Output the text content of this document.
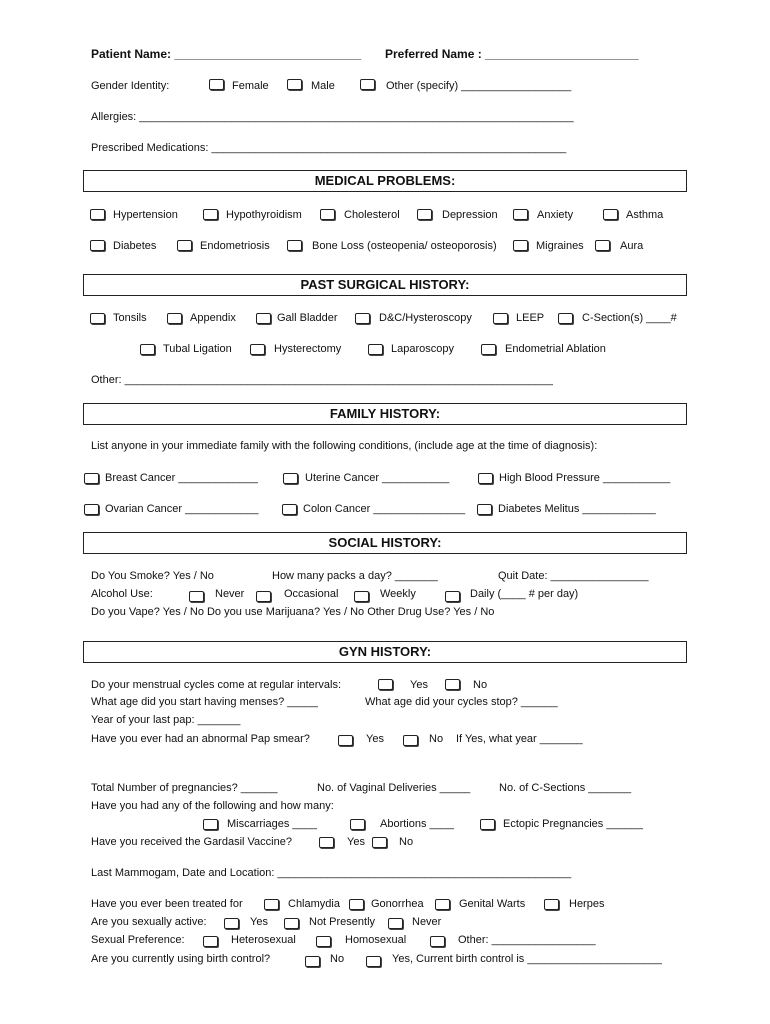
Patient Name: ____________________________ Preferred Name : _______________________
Gender Identity:	Female	Male	Other (specify) __________________
Allergies: _______________________________________________________________________
Prescribed Medications: __________________________________________________________
MEDICAL PROBLEMS:
Hypertension	Hypothyroidism	Cholesterol	Depression	Anxiety	Asthma
Diabetes	Endometriosis	Bone Loss (osteopenia/ osteoporosis)	Migraines	Aura
PAST SURGICAL HISTORY:
Tonsils	Appendix	Gall Bladder	D&C/Hysteroscopy	LEEP	C-Section(s) ____#
Tubal Ligation	Hysterectomy	Laparoscopy	Endometrial Ablation
Other: ______________________________________________________________________
FAMILY HISTORY:
List anyone in your immediate family with the following conditions, (include age at the time of diagnosis):
Breast Cancer _____________	Uterine Cancer ___________	High Blood Pressure ___________
Ovarian Cancer ____________	Colon Cancer _______________	Diabetes Melitus ____________
SOCIAL HISTORY:
Do You Smoke? Yes / No	How many packs a day? _______	Quit Date: ________________
Alcohol Use:	Never	Occasional	Weekly	Daily (____ # per day)
Do you Vape? Yes / No Do you use Marijuana? Yes / No Other Drug Use? Yes / No
GYN HISTORY:
Do your menstrual cycles come at regular intervals:	Yes	No
What age did you start having menses? _____	What age did your cycles stop? ______
Year of your last pap: _______
Have you ever had an abnormal Pap smear?	Yes	No If Yes, what year _______
Total Number of pregnancies? ______	No. of Vaginal Deliveries _____	No. of C-Sections _______
Have you had any of the following and how many:
Miscarriages ____	Abortions ____	Ectopic Pregnancies ______
Have you received the Gardasil Vaccine?	Yes	No
Last Mammogam, Date and Location: ________________________________________________
Have you ever been treated for	Chlamydia	Gonorrhea	Genital Warts	Herpes
Are you sexually active:	Yes	Not Presently	Never
Sexual Preference:	Heterosexual	Homosexual	Other: _________________
Are you currently using birth control?	No	Yes, Current birth control is ______________________
